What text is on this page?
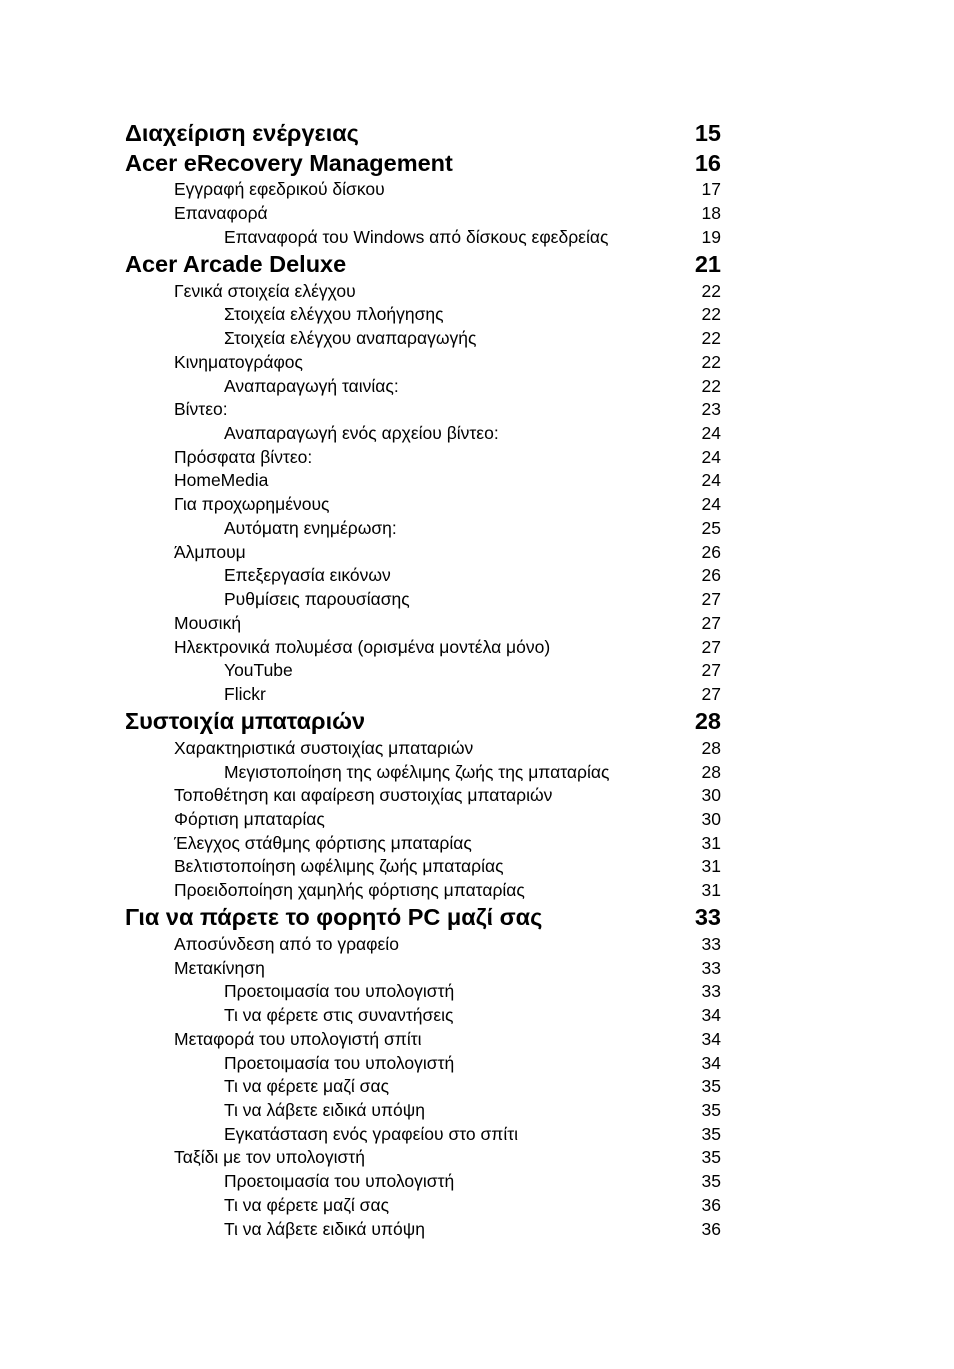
Διαχείριση ενέργειας	15
Acer eRecovery Management	16
Εγγραφή εφεδρικού δίσκου	17
Επαναφορά	18
Επαναφορά του Windows από δίσκους εφεδρείας	19
Acer Arcade Deluxe	21
Γενικά στοιχεία ελέγχου	22
Στοιχεία ελέγχου πλοήγησης	22
Στοιχεία ελέγχου αναπαραγωγής	22
Κινηματογράφος	22
Αναπαραγωγή ταινίας:	22
Βίντεο:	23
Αναπαραγωγή ενός αρχείου βίντεο:	24
Πρόσφατα βίντεο:	24
HomeMedia	24
Για προχωρημένους	24
Αυτόματη ενημέρωση:	25
Άλμπουμ	26
Επεξεργασία εικόνων	26
Ρυθμίσεις παρουσίασης	27
Μουσική	27
Ηλεκτρονικά πολυμέσα (ορισμένα μοντέλα μόνο)	27
YouTube	27
Flickr	27
Συστοιχία μπαταριών	28
Χαρακτηριστικά συστοιχίας μπαταριών	28
Μεγιστοποίηση της ωφέλιμης ζωής της μπαταρίας	28
Τοποθέτηση και αφαίρεση συστοιχίας μπαταριών	30
Φόρτιση μπαταρίας	30
Έλεγχος στάθμης φόρτισης μπαταρίας	31
Βελτιστοποίηση ωφέλιμης ζωής μπαταρίας	31
Προειδοποίηση χαμηλής φόρτισης μπαταρίας	31
Για να πάρετε το φορητό PC μαζί σας	33
Αποσύνδεση από το γραφείο	33
Μετακίνηση	33
Προετοιμασία του υπολογιστή	33
Τι να φέρετε στις συναντήσεις	34
Μεταφορά του υπολογιστή σπίτι	34
Προετοιμασία του υπολογιστή	34
Τι να φέρετε μαζί σας	35
Τι να λάβετε ειδικά υπόψη	35
Εγκατάσταση ενός γραφείου στο σπίτι	35
Ταξίδι με τον υπολογιστή	35
Προετοιμασία του υπολογιστή	35
Τι να φέρετε μαζί σας	36
Τι να λάβετε ειδικά υπόψη	36
